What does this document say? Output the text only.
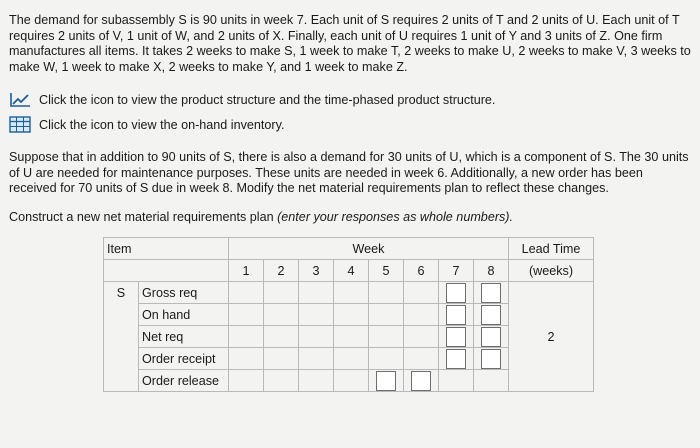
The demand for subassembly S is 90 units in week 7. Each unit of S requires 2 units of T and 2 units of U. Each unit of T requires 2 units of V, 1 unit of W, and 2 units of X. Finally, each unit of U requires 1 unit of Y and 3 units of Z. One firm manufactures all items. It takes 2 weeks to make S, 1 week to make T, 2 weeks to make U, 2 weeks to make V, 3 weeks to make W, 1 week to make X, 2 weeks to make Y, and 1 week to make Z.

Click the icon to view the product structure and the time-phased product structure.
Click the icon to view the on-hand inventory.

Suppose that in addition to 90 units of S, there is also a demand for 30 units of U, which is a component of S. The 30 units of U are needed for maintenance purposes. These units are needed in week 6. Additionally, a new order has been received for 70 units of S due in week 8. Modify the net material requirements plan to reflect these changes.

Construct a new net material requirements plan (enter your responses as whole numbers).

Item		Week								Lead Time
		1	2	3	4	5	6	7	8	(weeks)
S	Gross req									2
	On hand									
	Net req									
	Order receipt									
	Order release									
